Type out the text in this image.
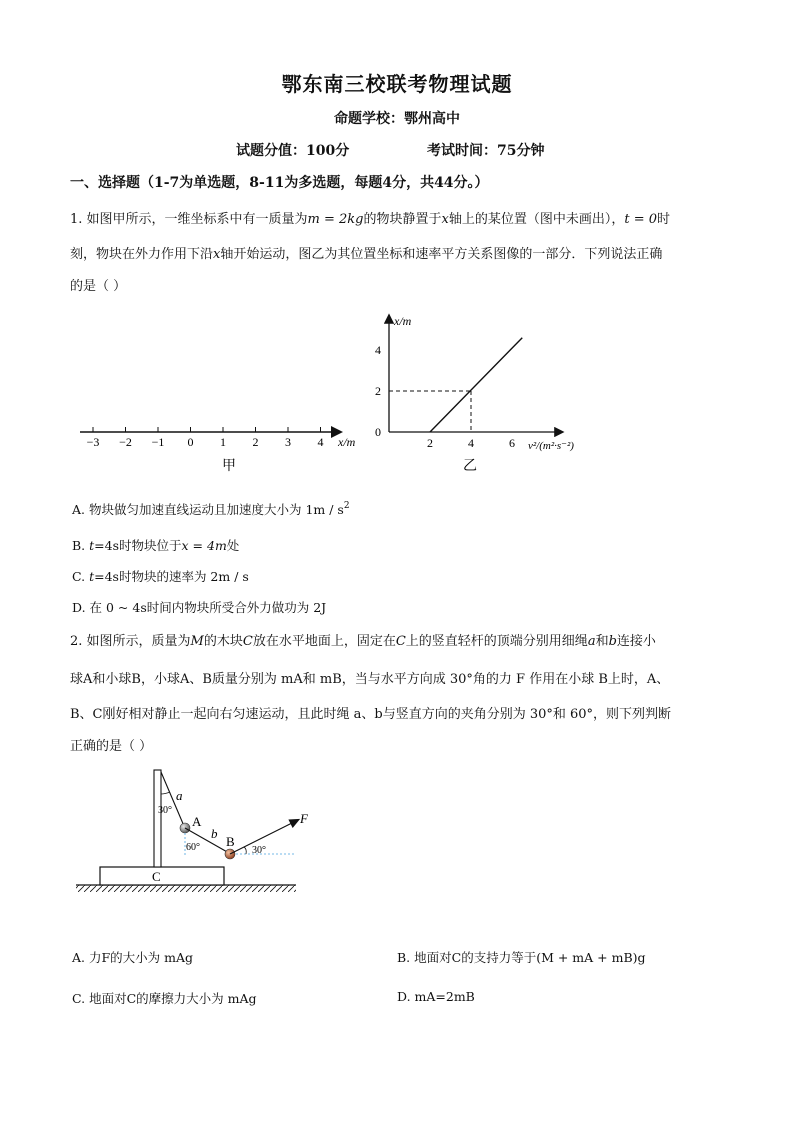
鄂东南三校联考物理试题
命题学校：鄂州高中
试题分值：100分	考试时间：75分钟
一、选择题（1-7为单选题，8-11为多选题，每题4分，共44分。）
1. 如图甲所示，一维坐标系中有一质量为m = 2kg的物块静置于x轴上的某位置（图中未画出），t = 0时
刻，物块在外力作用下沿x轴开始运动，图乙为其位置坐标和速率平方关系图像的一部分．下列说法正确
的是（ ）
−3 −2 −1 0 1 2 3 4 x/m
甲
x/m
v²/(m²·s⁻²)
2	4	6
4
2
0
乙
A. 物块做匀加速直线运动且加速度大小为 $1m / s^2$
B. t=4s时物块位于x = 4m处
C. t=4s时物块的速率为 2m / s
D. 在 0 ~ 4s时间内物块所受合外力做功为 2J
2. 如图所示，质量为M的木块C放在水平地面上，固定在C上的竖直轻杆的顶端分别用细绳a和b连接小
球A和小球B，小球A、B质量分别为 mA和 mB，当与水平方向成 30°角的力 F 作用在小球 B上时，A、
B、C刚好相对静止一起向右匀速运动，且此时绳 a、b与竖直方向的夹角分别为 30°和 60°，则下列判断
正确的是（ ）
C
a
30°
A
b
60° B
F
30°
A. 力F的大小为 mAg	B. 地面对C的支持力等于(M + mA + mB)g
C. 地面对C的摩擦力大小为 mAg	D. mA=2mB
